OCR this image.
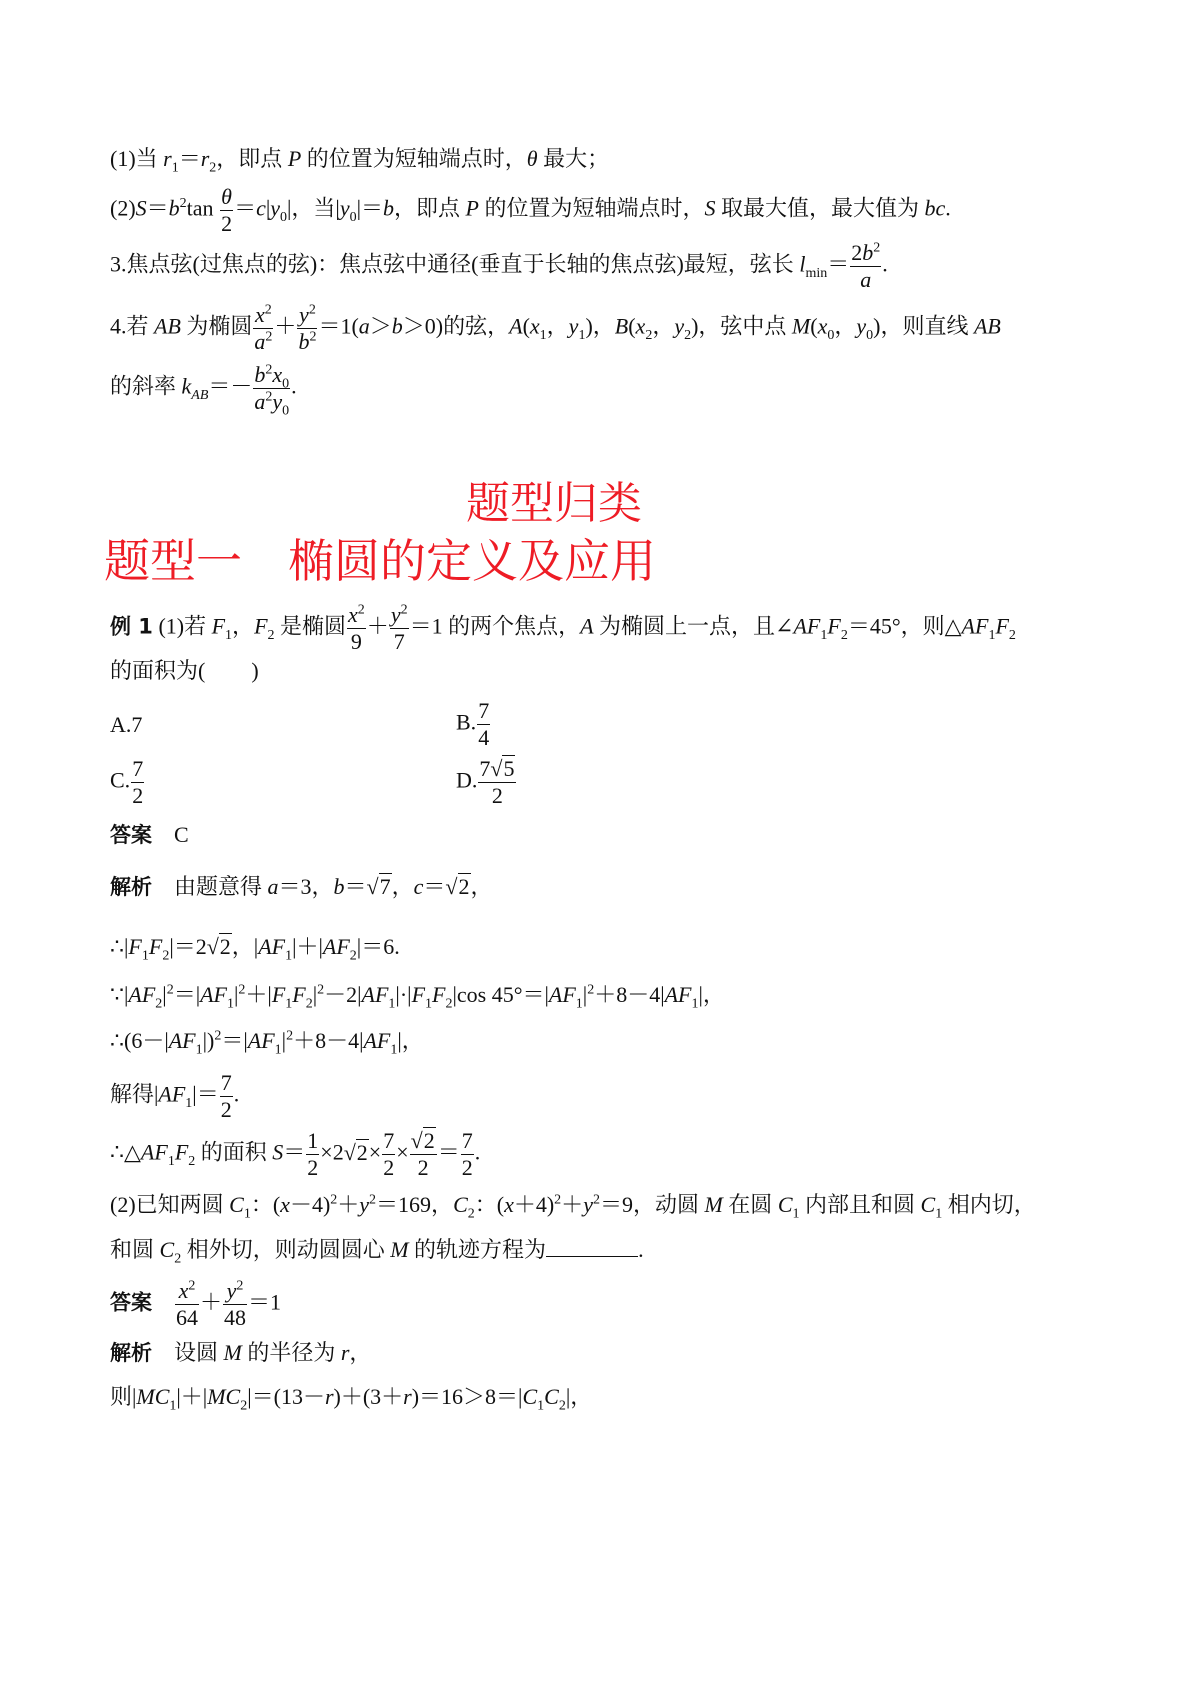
(1)当 $r_1=r_2$，即点 P 的位置为短轴端点时，θ 最大；
$(2)S=b^2\tan \frac{\theta}{2} =c|y_0|$，当$|y_0|=b$，即点 P 的位置为短轴端点时，S 取最大值，最大值为 bc.
3.焦点弦(过焦点的弦)：焦点弦中通径(垂直于长轴的焦点弦)最短，弦长 $l_{min}= \frac{2b^2}{a}$ .
4.若 AB 为椭圆 $\frac{x^2}{a^2} + \frac{y^2}{b^2} =1(a>b>0)$的弦，$A(x_1$，$y_1$)，$B(x_2$，$y_2$)，弦中点 $M(x_0$，$y_0$)，则直线 AB
的斜率 $k_{AB}=- \frac{b^2x_0}{a^2y_0}$ .
题型归类
题型一　椭圆的定义及应用
例 1 (1)若 $F_1$，$F_2$ 是椭圆 $\frac{x^2}{9} + \frac{y^2}{7} =1$ 的两个焦点，A 为椭圆上一点，且$\angle AF_1F_2=45^\circ$，则$\triangle AF_1F_2$
的面积为( )
A.7	B. $\frac{7}{4}$
C. $\frac{7}{2}$	D. $\frac{7√5}{2}$
答案　 C
解析　由题意得 a＝3，b＝√7，c＝√2，
$\therefore|F_1F_2|=2√2$，$|AF_1|+|AF_2|=6$.
$\because|AF_2|^2=|AF_1|^2+|F_1F_2|^2-2|AF_1|\cdot|F_1F_2|\cos$ $45^\circ=|AF_1|^2+8-4|AF_1|$，
$\therefore(6-|AF_1|)^2=|AF_1|^2+8-4|AF_1|$，
解得$|AF_1|= \frac{7}{2}$ .
$\therefore\triangle AF_1F_2$ 的面积 $S= \frac{1}{2} \times 2√2\times \frac{7}{2} \times \frac{√2}{2} = \frac{7}{2}$ .
(2)已知两圆 $C_1$：$(x-4)^2+y^2=169$，$C_2$：$(x+4)^2+y^2=9$，动圆 M 在圆 $C_1$ 内部且和圆 $C_1$ 相内切，
和圆 $C_2$ 相外切，则动圆圆心 M 的轨迹方程为	.
答案　 $\frac{x^2}{64} + \frac{y^2}{48} =1$
解析　设圆 M 的半径为 r，
则$|MC_1|+|MC_2|=(13-r)+(3+r)=16>8=|C_1C_2|$，
